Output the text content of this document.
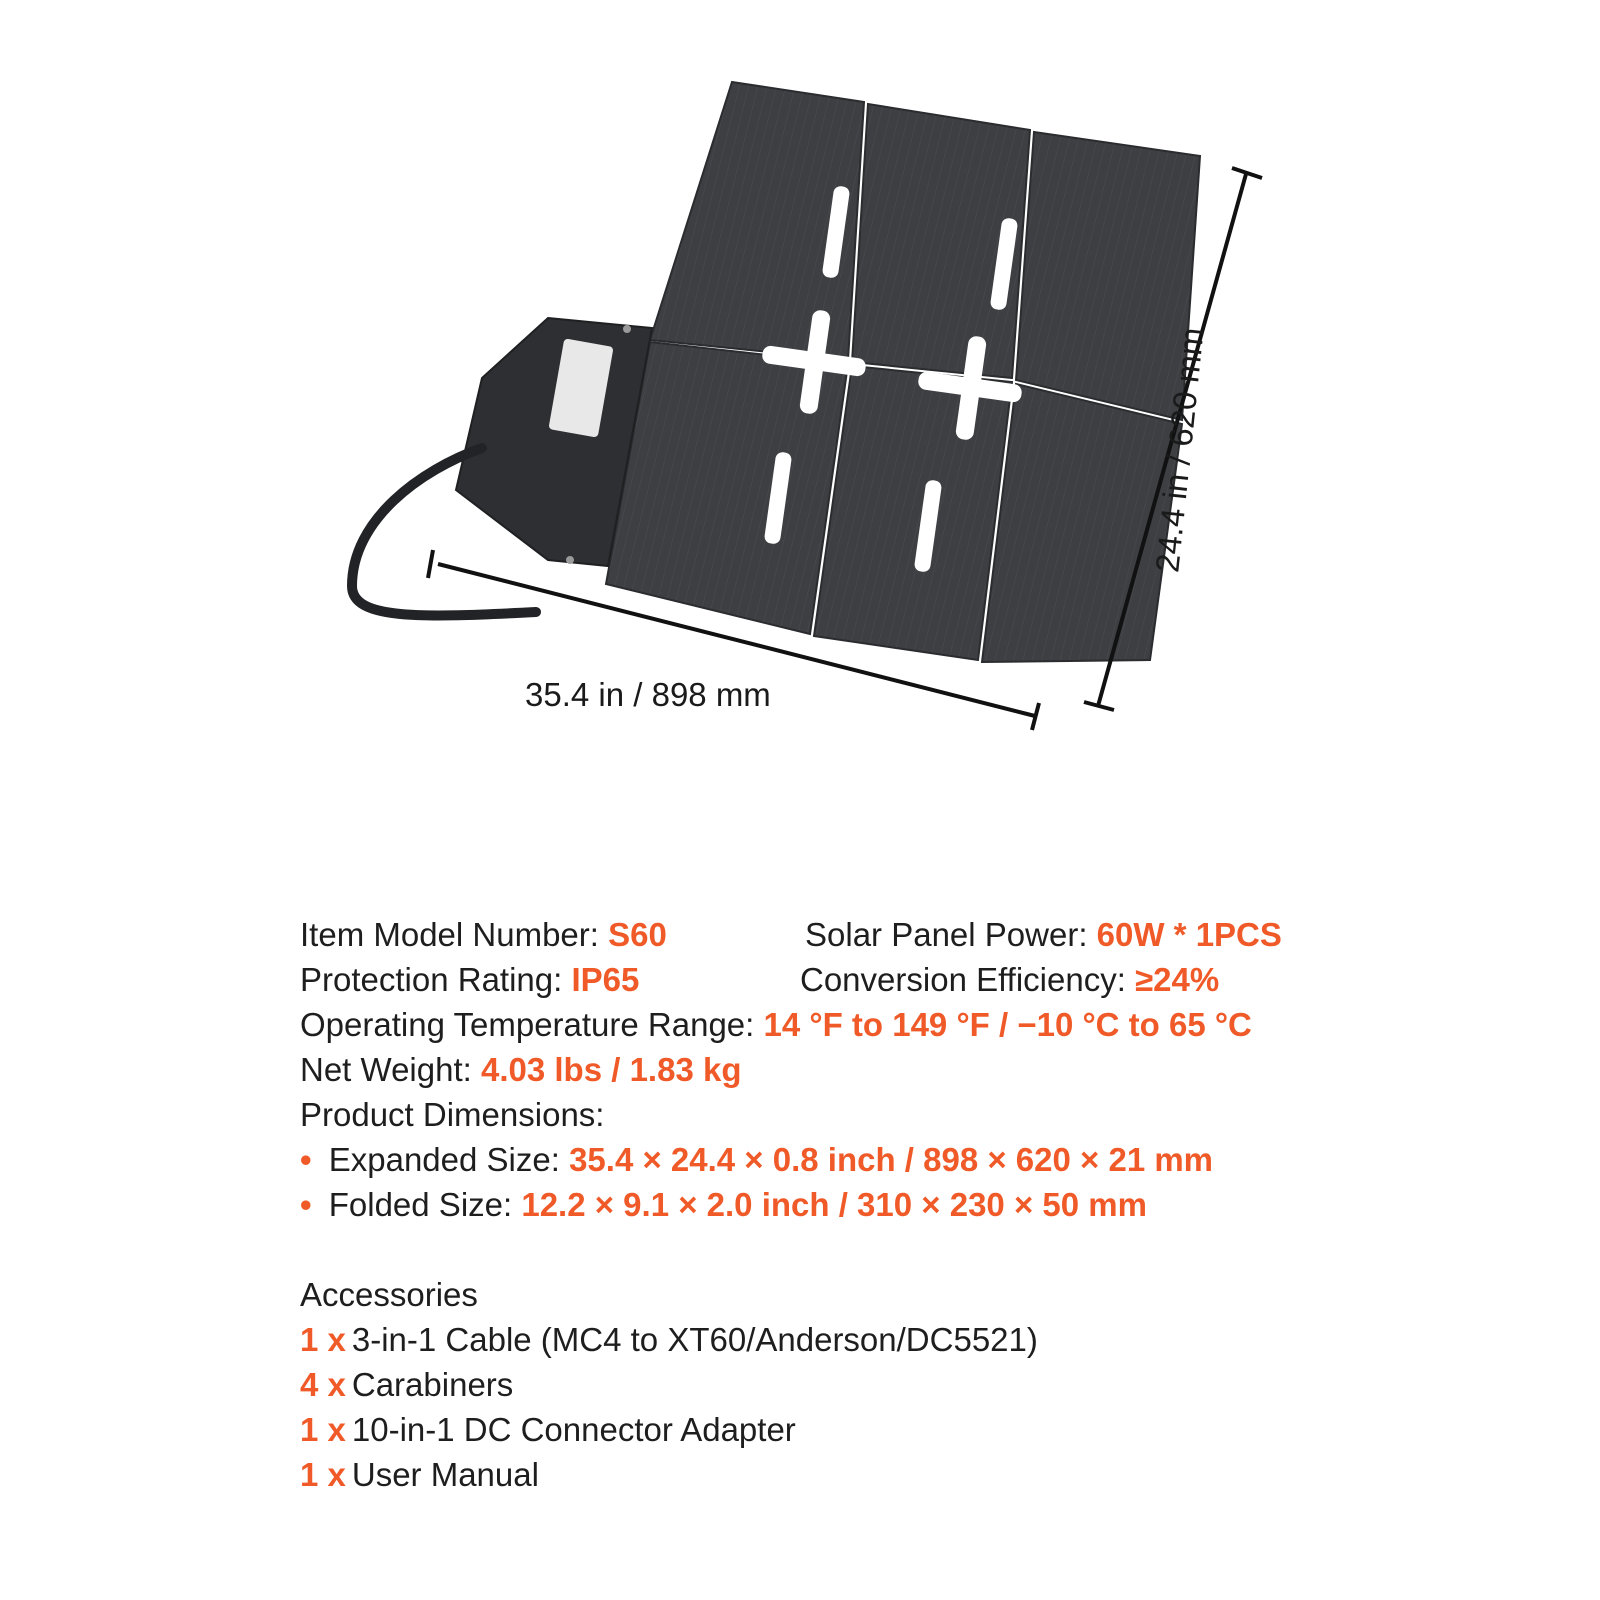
35.4 in / 898 mm
24.4 in / 620 mm
Item Model Number: S60	Solar Panel Power: 60W * 1PCS
Protection Rating: IP65	Conversion Efficiency: ≥24%
Operating Temperature Range: 14 °F to 149 °F / −10 °C to 65 °C
Net Weight: 4.03 lbs / 1.83 kg
Product Dimensions:
• Expanded Size: 35.4 × 24.4 × 0.8 inch / 898 × 620 × 21 mm
• Folded Size: 12.2 × 9.1 × 2.0 inch / 310 × 230 × 50 mm
Accessories
1 x 3-in-1 Cable (MC4 to XT60/Anderson/DC5521)
4 x Carabiners
1 x 10-in-1 DC Connector Adapter
1 x User Manual
